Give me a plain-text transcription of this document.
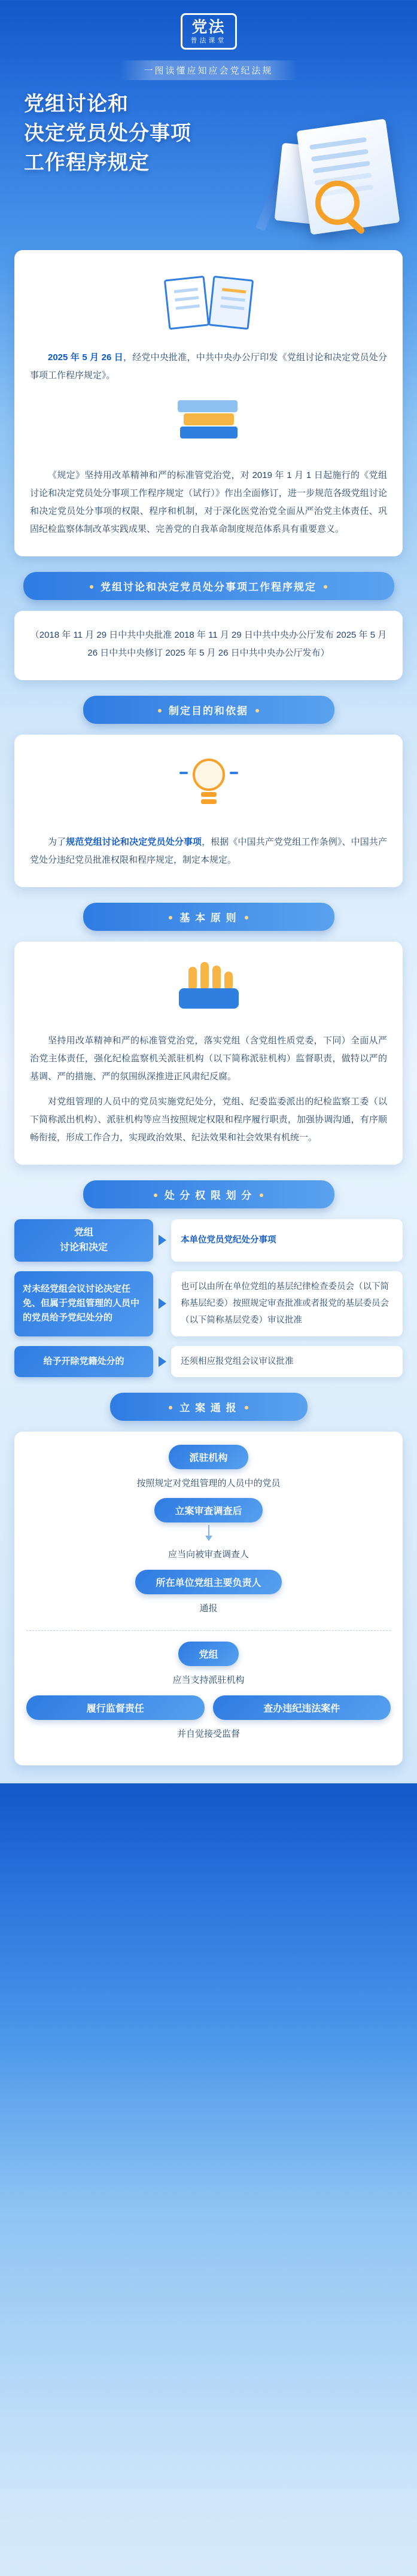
党法
普法课堂
一图读懂应知应会党纪法规
党组讨论和
决定党员处分事项
工作程序规定

2025 年 5 月 26 日，经党中央批准，中共中央办公厅印发《党组讨论和决定党员处分事项工作程序规定》。

《规定》坚持用改革精神和严的标准管党治党，对 2019 年 1 月 1 日起施行的《党组讨论和决定党员处分事项工作程序规定（试行）》作出全面修订，进一步规范各级党组讨论和决定党员处分事项的权限、程序和机制，对于深化医党治党全面从严治党主体责任、巩固纪检监察体制改革实践成果、完善党的自我革命制度规范体系具有重要意义。

党组讨论和决定党员处分事项工作程序规定

（2018 年 11 月 29 日中共中央批准 2018 年 11 月 29 日中共中央办公厅发布 2025 年 5 月 26 日中共中央修订 2025 年 5 月 26 日中共中央办公厅发布）

制定目的和依据

为了规范党组讨论和决定党员处分事项，根据《中国共产党党组工作条例》、中国共产党处分违纪党员批准权限和程序规定，制定本规定。

基 本 原 则

坚持用改革精神和严的标准管党治党，落实党组（含党组性质党委，下同）全面从严治党主体责任，强化纪检监察机关派驻机构（以下简称派驻机构）监督职责，做特以严的基调、严的措施、严的氛围纵深推进正风肃纪反腐。

对党组管理的人员中的党员实施党纪处分，党组、纪委监委派出的纪检监察工委（以下简称派出机构）、派驻机构等应当按照规定权限和程序履行职责，加强协调沟通，有序顺畅衔接，形成工作合力，实现政治效果、纪法效果和社会效果有机统一。

处 分 权 限 划 分
党组
讨论和决定
本单位党员党纪处分事项
对未经党组会议讨论决定任免、但属于党组管理的人员中的党员给予党纪处分的
也可以由所在单位党组的基层纪律检查委员会（以下简称基层纪委）按照规定审查批准或者报党的基层委员会（以下简称基层党委）审议批准
给予开除党籍处分的	还须相应报党组会议审议批准
立 案 通 报
派驻机构
按照规定对党组管理的人员中的党员
立案审查调查后
应当向被审查调查人
所在单位党组主要负责人
通报
党组
应当支持派驻机构
履行监督责任	查办违纪违法案件
并自觉接受监督
